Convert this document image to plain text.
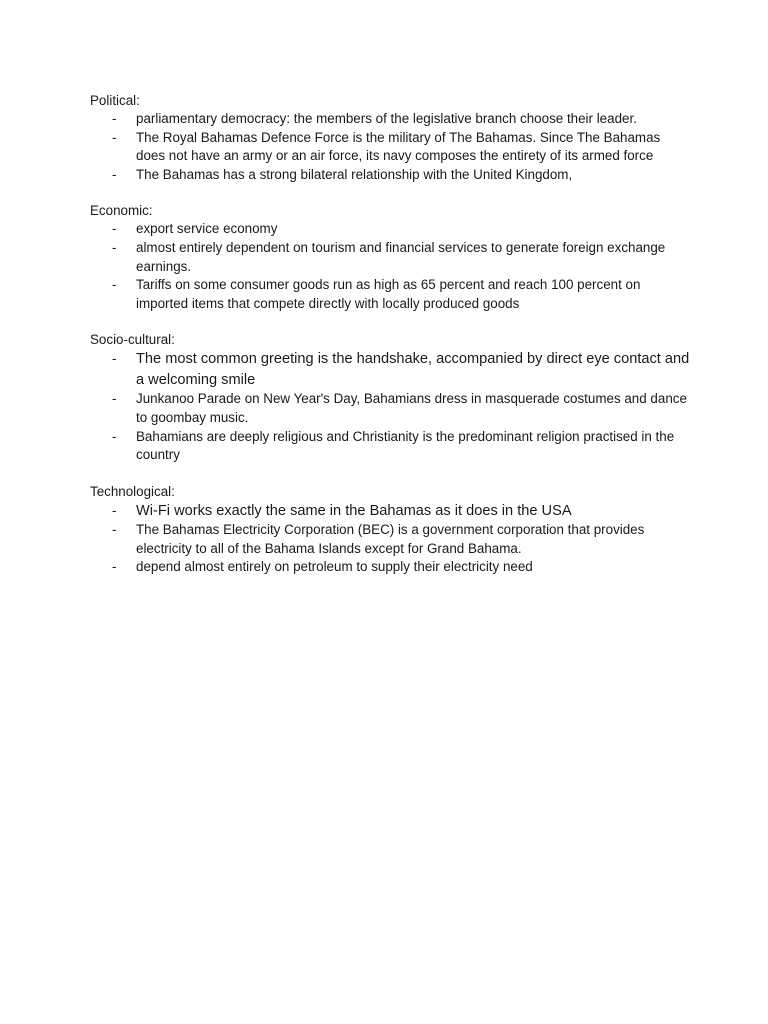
Political:
- parliamentary democracy: the members of the legislative branch choose their leader.
- The Royal Bahamas Defence Force is the military of The Bahamas. Since The Bahamas does not have an army or an air force, its navy composes the entirety of its armed force
- The Bahamas has a strong bilateral relationship with the United Kingdom,
Economic:
- export service economy
- almost entirely dependent on tourism and financial services to generate foreign exchange earnings.
- Tariffs on some consumer goods run as high as 65 percent and reach 100 percent on imported items that compete directly with locally produced goods
Socio-cultural:
- The most common greeting is the handshake, accompanied by direct eye contact and a welcoming smile
- Junkanoo Parade on New Year's Day, Bahamians dress in masquerade costumes and dance to goombay music.
- Bahamians are deeply religious and Christianity is the predominant religion practised in the country
Technological:
- Wi-Fi works exactly the same in the Bahamas as it does in the USA
- The Bahamas Electricity Corporation (BEC) is a government corporation that provides electricity to all of the Bahama Islands except for Grand Bahama.
- depend almost entirely on petroleum to supply their electricity need
